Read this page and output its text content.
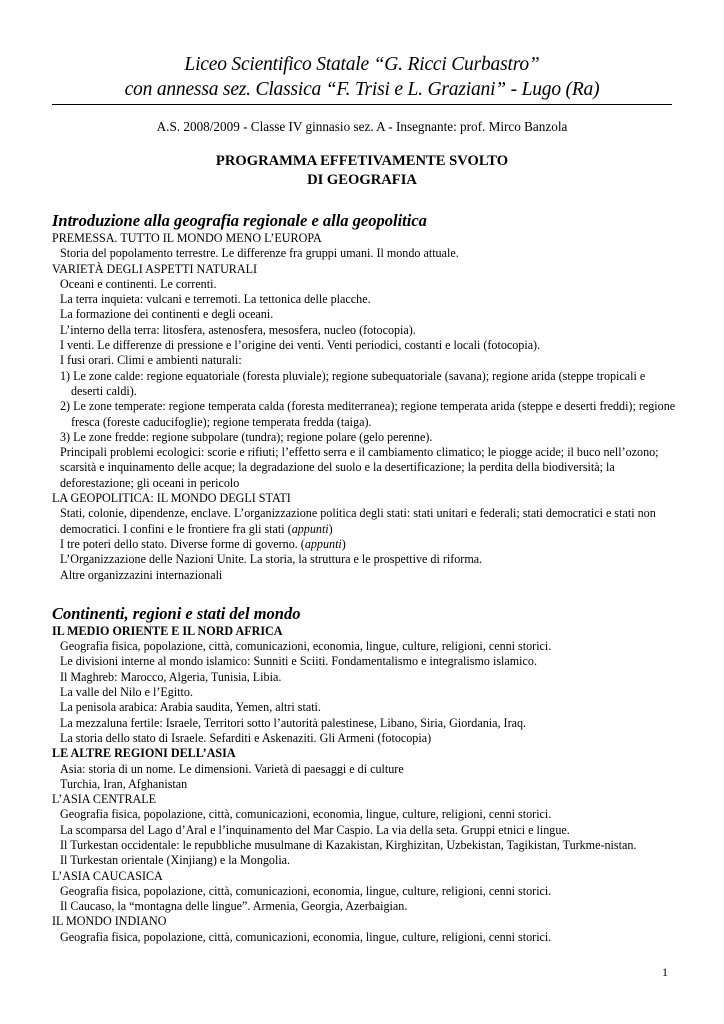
Liceo Scientifico Statale “G. Ricci Curbastro”
con annessa sez. Classica “F. Trisi e L. Graziani” - Lugo (Ra)
A.S. 2008/2009 - Classe IV ginnasio sez. A - Insegnante: prof. Mirco Banzola
PROGRAMMA EFFETIVAMENTE SVOLTO
DI GEOGRAFIA
Introduzione alla geografia regionale e alla geopolitica

PREMESSA. TUTTO IL MONDO MENO L’EUROPA

Storia del popolamento terrestre. Le differenze fra gruppi umani. Il mondo attuale.

VARIETÀ DEGLI ASPETTI NATURALI

Oceani e continenti. Le correnti.

La terra inquieta: vulcani e terremoti. La tettonica delle placche.

La formazione dei continenti e degli oceani.

L’interno della terra: litosfera, astenosfera, mesosfera, nucleo (fotocopia).

I venti. Le differenze di pressione e l’origine dei venti. Venti periodici, costanti e locali (fotocopia).

I fusi orari. Climi e ambienti naturali:

1) Le zone calde: regione equatoriale (foresta pluviale); regione subequatoriale (savana); regione arida (steppe tropicali e deserti caldi).

2) Le zone temperate: regione temperata calda (foresta mediterranea); regione temperata arida (steppe e deserti freddi); regione fresca (foreste caducifoglie); regione temperata fredda (taiga).

3) Le zone fredde: regione subpolare (tundra); regione polare (gelo perenne).

Principali problemi ecologici: scorie e rifiuti; l’effetto serra e il cambiamento climatico; le piogge acide; il buco nell’ozono; scarsità e inquinamento delle acque; la degradazione del suolo e la desertificazione; la perdita della biodiversità; la deforestazione; gli oceani in pericolo

LA GEOPOLITICA: IL MONDO DEGLI STATI

Stati, colonie, dipendenze, enclave. L’organizzazione politica degli stati: stati unitari e federali; stati democratici e stati non democratici. I confini e le frontiere fra gli stati (appunti)

I tre poteri dello stato. Diverse forme di governo. (appunti)

L’Organizzazione delle Nazioni Unite. La storia, la struttura e le prospettive di riforma.

Altre organizzazini internazionali

Continenti, regioni e stati del mondo

IL MEDIO ORIENTE E IL NORD AFRICA

Geografia fisica, popolazione, città, comunicazioni, economia, lingue, culture, religioni, cenni storici.

Le divisioni interne al mondo islamico: Sunniti e Sciiti. Fondamentalismo e integralismo islamico.

Il Maghreb: Marocco, Algeria, Tunisia, Libia.

La valle del Nilo e l’Egitto.

La penisola arabica: Arabia saudita, Yemen, altri stati.

La mezzaluna fertile: Israele, Territori sotto l’autorità palestinese, Libano, Siria, Giordania, Iraq.

La storia dello stato di Israele. Sefarditi e Askenaziti. Gli Armeni (fotocopia)

LE ALTRE REGIONI DELL’ASIA

Asia: storia di un nome. Le dimensioni. Varietà di paesaggi e di culture

Turchia, Iran, Afghanistan

L’ASIA CENTRALE

Geografia fisica, popolazione, città, comunicazioni, economia, lingue, culture, religioni, cenni storici.

La scomparsa del Lago d’Aral e l’inquinamento del Mar Caspio. La via della seta. Gruppi etnici e lingue.

Il Turkestan occidentale: le repubbliche musulmane di Kazakistan, Kirghizitan, Uzbekistan, Tagikistan, Turkme-nistan.

Il Turkestan orientale (Xinjiang) e la Mongolia.

L’ASIA CAUCASICA

Geografia fisica, popolazione, città, comunicazioni, economia, lingue, culture, religioni, cenni storici.

Il Caucaso, la “montagna delle lingue”. Armenia, Georgia, Azerbaigian.

IL MONDO INDIANO

Geografia fisica, popolazione, città, comunicazioni, economia, lingue, culture, religioni, cenni storici.

1
